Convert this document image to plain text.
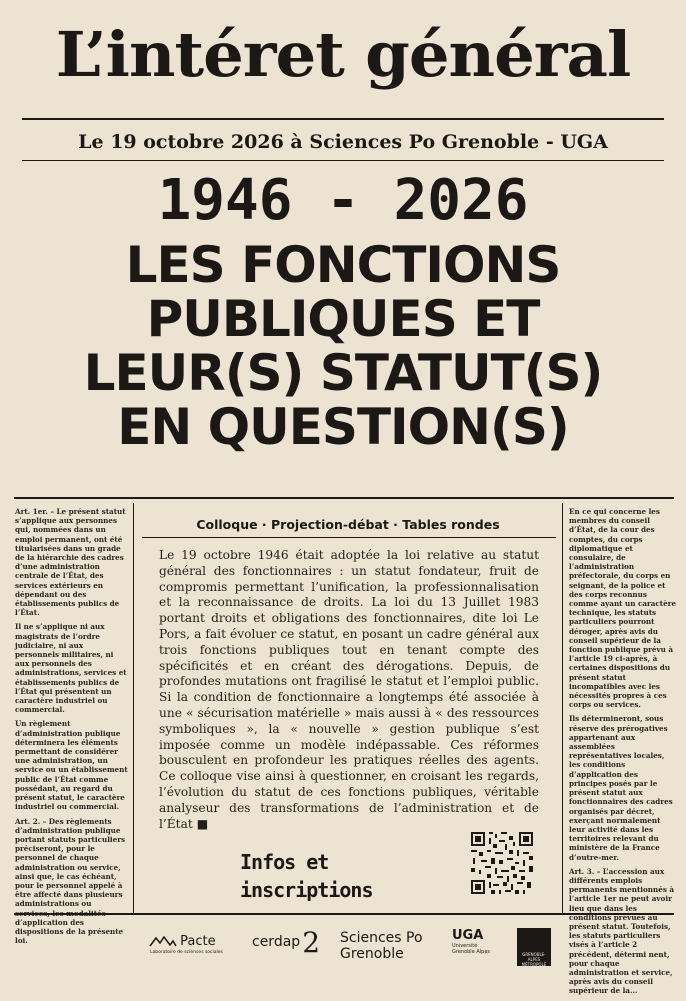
L’intéret général
Le 19 octobre 2026 à Sciences Po Grenoble - UGA
1946 - 2026
LES FONCTIONS
PUBLIQUES ET
LEUR(S) STATUT(S)
EN QUESTION(S)

Art. 1er. – Le présent statut s’applique aux personnes qui, nommées dans un emploi permanent, ont été titularisées dans un grade de la hiérarchie des cadres d’une administration centrale de l’État, des services extérieurs en dépendant ou des établissements publics de l’État.

Il ne s’applique ni aux magistrats de l’ordre judiciaire, ni aux personnels militaires, ni aux personnels des administrations, services et établissements publics de l’État qui présentent un caractère industriel ou commercial.

Un règlement d’administration publique déterminera les éléments permettant de considérer une administration, un service ou un établissement public de l’État comme possédant, au regard du présent statut, le caractère industriel ou commercial.

Art. 2. – Des règlements d’administration publique portant statuts particuliers préciseront, pour le personnel de chaque administration ou service, ainsi que, le cas échéant, pour le personnel appelé à être affecté dans plusieurs administrations ou d’application des dispositions de la présente loi.

Colloque · Projection-débat · Tables rondes
Le 19 octobre 1946 était adoptée la loi relative au statut général des fonctionnaires : un statut fondateur, fruit de compromis permettant l’unification, la professionnalisation et la reconnaissance de droits. La loi du 13 Juillet 1983 portant droits et obligations des fonctionnaires, dite loi Le Pors, a fait évoluer ce statut, en posant un cadre général aux trois fonctions publiques tout en tenant compte des spécificités et en créant des dérogations. Depuis, de profondes mutations ont fragilisé le statut et l’emploi public. Si la condition de fonctionnaire a longtemps été associée à une « sécurisation matérielle » mais aussi à « des ressources symboliques », la « nouvelle » gestion publique s’est imposée comme un modèle indépassable. Ces réformes bousculent en profondeur les pratiques réelles des agents. Ce colloque vise ainsi à questionner, en croisant les regards, l’évolution du statut de ces fonctions publiques, véritable analyseur des transformations de l’administration et de l’État ■
Infos et inscriptions
Pacte
Laboratoire de sciences sociales
cerdap2 Sciences Po
Grenoble
UGA
Université
Grenoble Alpes	GRENOBLE-ALPES MÉTROPOLE

En ce qui concerne les membres du conseil d’État, de la cour des comptes, du corps diplomatique et consulaire, de l’administration préfectorale, du corps en seignant, de la police et des corps reconnus comme ayant un caractère technique, les statuts particuliers pourront déroger, après avis du conseil supérieur de la fonction publique prévu à l’article 19 ci-après, à certaines dispositions du présent statut incompatibles avec les nécessités propres à ces corps ou services.

Ils détermineront, sous réserve des prérogatives appartenant aux assemblées représentatives locales, les conditions d’application des principes posés par le présent statut aux fonctionnaires des cadres organisés par décret, exerçant normalement leur activité dans les territoires relevant du ministère de la France d’outre-mer.

Art. 3. – L’accession aux différents emplois permanents mentionnés à l’article 1er ne peut avoir lieu que dans les conditions prévues au présent statut. Toutefois, les statuts particuliers visés à l’article 2 précédent, détermi nent, pour chaque administration et service, après avis du conseil supérieur de la...
